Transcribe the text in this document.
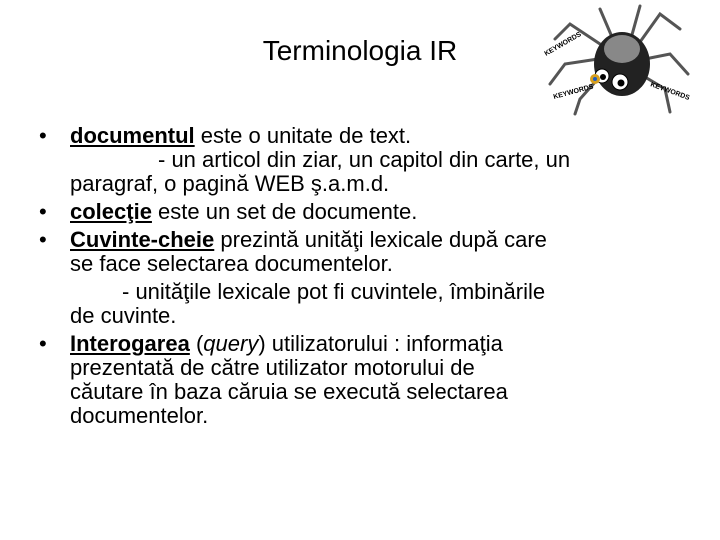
Terminologia IR	KEYWORDS
KEYWORDS
KEYWORDS
• documentul este o unitate de text.
- un articol din ziar, un capitol din carte, un
paragraf, o pagină WEB ş.a.m.d.
• colecţie este un set de documente.
• Cuvinte-cheie prezintă unităţi lexicale după care
se face selectarea documentelor.
- unităţile lexicale pot fi cuvintele, îmbinările
de cuvinte.
• Interogarea (query) utilizatorului : informaţia
prezentată de către utilizator motorului de
căutare în baza căruia se execută selectarea
documentelor.
